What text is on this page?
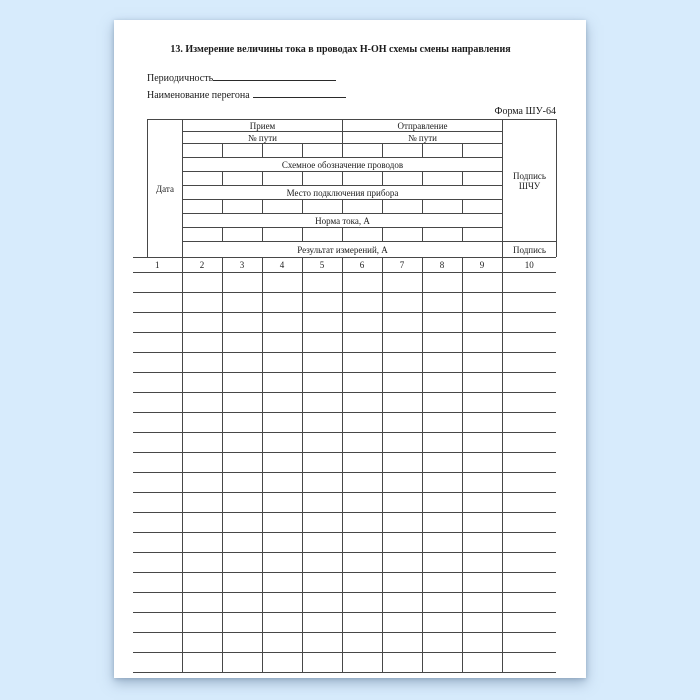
13. Измерение величины тока в проводах Н-ОН схемы смены направления
Периодичность
Наименование перегона
Форма ШУ-64
Дата	Прием				Отправление				Подпись ШЧУ
	№ пути				№ пути				

	Схемное обозначение проводов								

	Место подключения прибора								

	Норма тока, А								

	Результат измерений, А								Подпись
1	2	3	4	5	6	7	8	9	10
